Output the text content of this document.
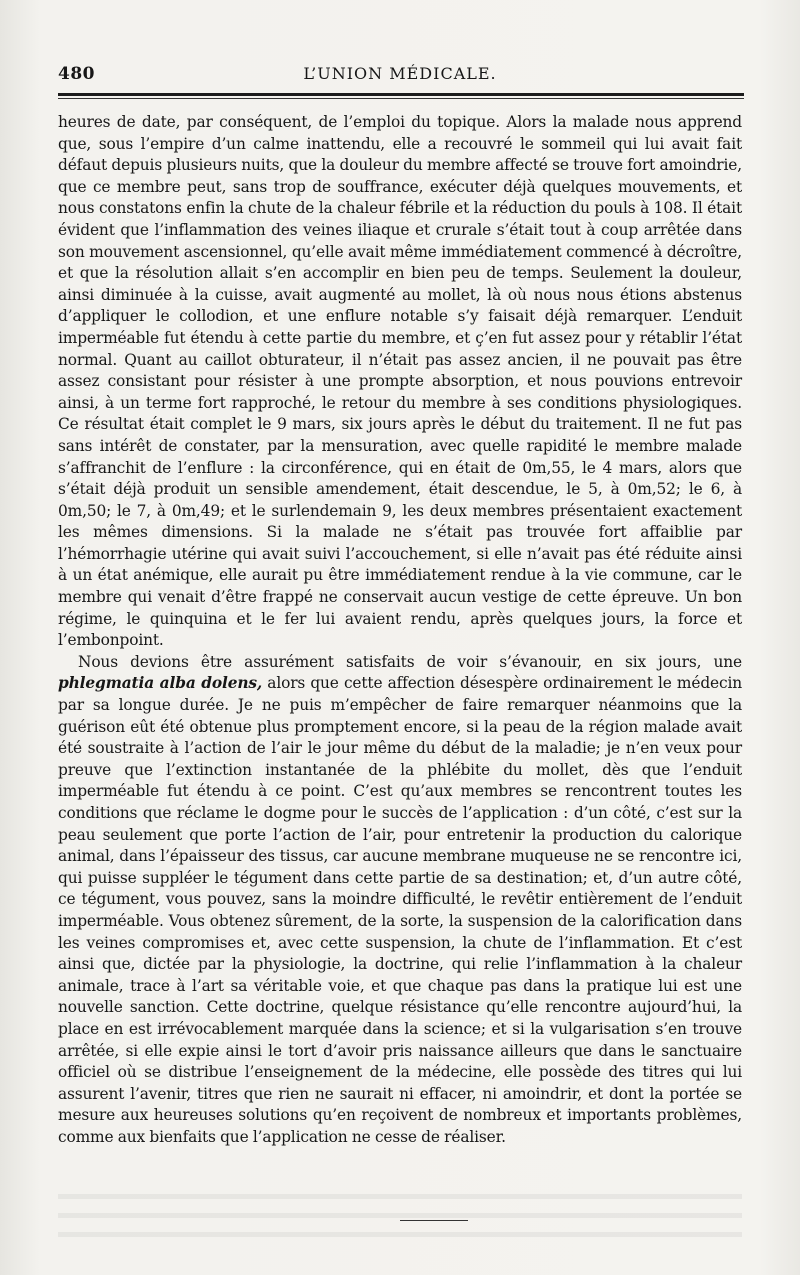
480	L’UNION MÉDICALE.

heures de date, par conséquent, de l’emploi du topique. Alors la malade nous apprend que, sous l’empire d’un calme inattendu, elle a recouvré le sommeil qui lui avait fait défaut depuis plusieurs nuits, que la douleur du membre affecté se trouve fort amoindrie, que ce membre peut, sans trop de souffrance, exécuter déjà quelques mouvements, et nous constatons enfin la chute de la chaleur fébrile et la réduction du pouls à 108. Il était évident que l’inflammation des veines iliaque et crurale s’était tout à coup arrêtée dans son mouvement ascensionnel, qu’elle avait même immédiatement commencé à décroître, et que la résolution allait s’en accomplir en bien peu de temps. Seulement la douleur, ainsi diminuée à la cuisse, avait augmenté au mollet, là où nous nous étions abstenus d’appliquer le collodion, et une enflure notable s’y faisait déjà remarquer. L’enduit imperméable fut étendu à cette partie du membre, et ç’en fut assez pour y rétablir l’état normal. Quant au caillot obturateur, il n’était pas assez ancien, il ne pouvait pas être assez consistant pour résister à une prompte absorption, et nous pouvions entrevoir ainsi, à un terme fort rapproché, le retour du membre à ses conditions physiologiques. Ce résultat était complet le 9 mars, six jours après le début du traitement. Il ne fut pas sans intérêt de constater, par la mensuration, avec quelle rapidité le membre malade s’affranchit de l’enflure : la circonférence, qui en était de 0m,55, le 4 mars, alors que s’était déjà produit un sensible amendement, était descendue, le 5, à 0m,52; le 6, à 0m,50; le 7, à 0m,49; et le surlendemain 9, les deux membres présentaient exactement les mêmes dimensions. Si la malade ne s’était pas trouvée fort affaiblie par l’hémorrhagie utérine qui avait suivi l’accouchement, si elle n’avait pas été réduite ainsi à un état anémique, elle aurait pu être immédiatement rendue à la vie commune, car le membre qui venait d’être frappé ne conservait aucun vestige de cette épreuve. Un bon régime, le quinquina et le fer lui avaient rendu, après quelques jours, la force et l’embonpoint.

Nous devions être assurément satisfaits de voir s’évanouir, en six jours, une phlegmatia alba dolens, alors que cette affection désespère ordinairement le médecin par sa longue durée. Je ne puis m’empêcher de faire remarquer néanmoins que la guérison eût été obtenue plus promptement encore, si la peau de la région malade avait été soustraite à l’action de l’air le jour même du début de la maladie; je n’en veux pour preuve que l’extinction instantanée de la phlébite du mollet, dès que l’enduit imperméable fut étendu à ce point. C’est qu’aux membres se rencontrent toutes les conditions que réclame le dogme pour le succès de l’application : d’un côté, c’est sur la peau seulement que porte l’action de l’air, pour entretenir la production du calorique animal, dans l’épaisseur des tissus, car aucune membrane muqueuse ne se rencontre ici, qui puisse suppléer le tégument dans cette partie de sa destination; et, d’un autre côté, ce tégument, vous pouvez, sans la moindre difficulté, le revêtir entièrement de l’enduit imperméable. Vous obtenez sûrement, de la sorte, la suspension de la calorification dans les veines compromises et, avec cette suspension, la chute de l’inflammation. Et c’est ainsi que, dictée par la physiologie, la doctrine, qui relie l’inflammation à la chaleur animale, trace à l’art sa véritable voie, et que chaque pas dans la pratique lui est une nouvelle sanction. Cette doctrine, quelque résistance qu’elle rencontre aujourd’hui, la place en est irrévocablement marquée dans la science; et si la vulgarisation s’en trouve arrêtée, si elle expie ainsi le tort d’avoir pris naissance ailleurs que dans le sanctuaire officiel où se distribue l’enseignement de la médecine, elle possède des titres qui lui assurent l’avenir, titres que rien ne saurait ni effacer, ni amoindrir, et dont la portée se mesure aux heureuses solutions qu’en reçoivent de nombreux et importants problèmes, comme aux bienfaits que l’application ne cesse de réaliser.
